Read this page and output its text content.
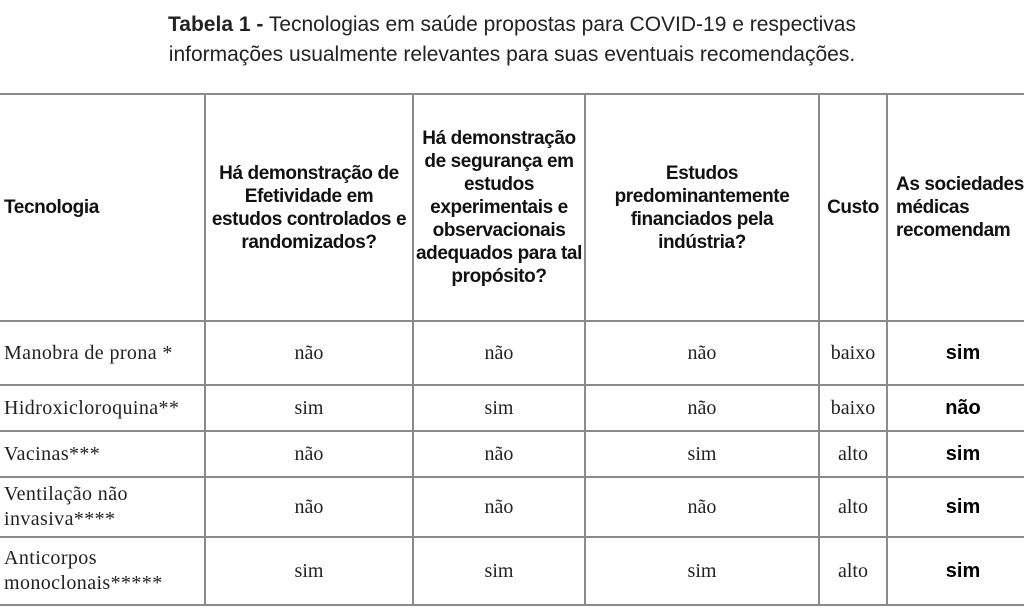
Tabela 1 - Tecnologias em saúde propostas para COVID-19 e respectivas
informações usualmente relevantes para suas eventuais recomendações.
Tecnologia	Há demonstração de Efetividade em estudos controlados e randomizados?	Há demonstração de segurança em estudos experimentais e observacionais adequados para tal propósito?	Estudos predominantemente financiados pela indústria?	Custo	As sociedades médicas recomendam
Manobra de prona *	não	não	não	baixo	sim
Hidroxicloroquina**	sim	sim	não	baixo	não
Vacinas***	não	não	sim	alto	sim
Ventilação não invasiva****	não	não	não	alto	sim
Anticorpos monoclonais*****	sim	sim	sim	alto	sim
